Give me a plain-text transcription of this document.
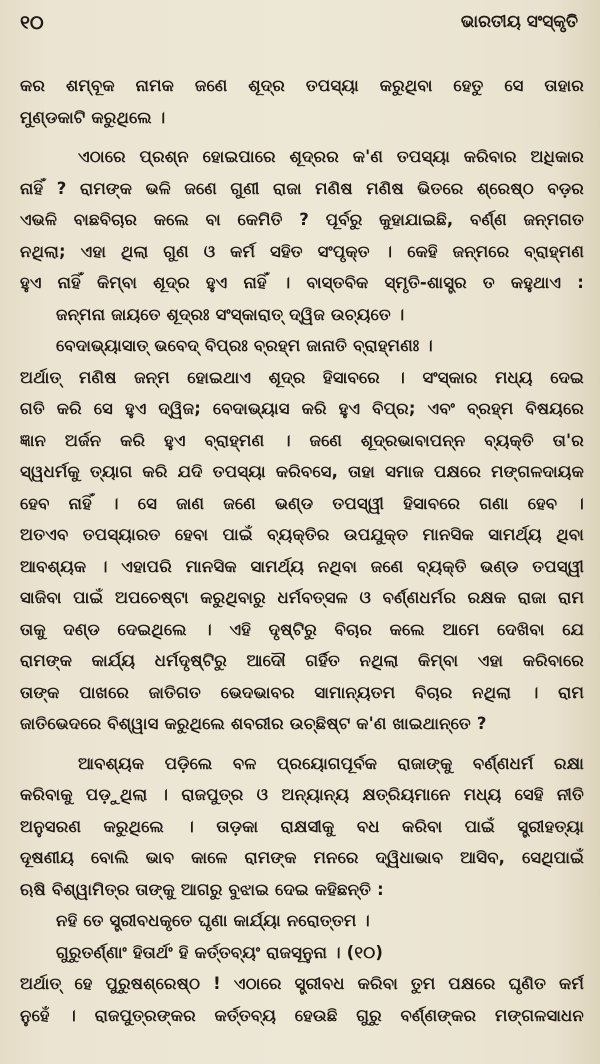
୧୦	ଭାରତୀୟ ସଂସ୍କୃତି
କର ଶମ୍ବୂକ ନାମକ ଜଣେ ଶୂଦ୍ର ତପସ୍ୟା କରୁଥିବା ହେତୁ ସେ ତାହାର
ମୁଣ୍ଡକାଟି କରୁଥିଲେ ।
ଏଠାରେ ପ୍ରଶ୍ନ ହୋଇପାରେ ଶୂଦ୍ରର କ'ଣ ତପସ୍ୟା କରିବାର ଅଧିକାର
ନାହିଁ ? ରାମଙ୍କ ଭଳି ଜଣେ ଗୁଣୀ ରାଜା ମଣିଷ ମଣିଷ ଭିତରେ ଶ୍ରେଷ୍ଠ ବଡ଼ର
ଏଭଳି ବାଛବିଚାର କଲେ ବା କେମିତି ? ପୂର୍ବରୁ କୁହାଯାଇଛି, ବର୍ଣ୍ଣ ଜନ୍ମଗତ
ନଥିଲା; ଏହା ଥିଲା ଗୁଣ ଓ କର୍ମ ସହିତ ସଂପୃକ୍ତ । କେହି ଜନ୍ମରେ ବ୍ରାହ୍ମଣ
ହୁଏ ନାହିଁ କିମ୍ବା ଶୂଦ୍ର ହୁଏ ନାହିଁ । ବାସ୍ତବିକ ସ୍ମୃତି-ଶାସ୍ତ୍ର ତ କହୁଥାଏ :
ଜନ୍ମନା ଜାୟତେ ଶୂଦ୍ରଃ ସଂସ୍କାରାତ୍ ଦ୍ୱିଜ ଉଚ୍ୟତେ ।
ବେଦାଭ୍ୟାସାତ୍ ଭବେଦ୍ ବିପ୍ରଃ ବ୍ରହ୍ମ ଜାନାତି ବ୍ରାହ୍ମଣଃ ।
ଅର୍ଥାତ୍ ମଣିଷ ଜନ୍ମ ହୋଇଥାଏ ଶୂଦ୍ର ହିସାବରେ । ସଂସ୍କାର ମଧ୍ୟ ଦେଇ
ଗତି କରି ସେ ହୁଏ ଦ୍ୱିଜ; ବେଦାଭ୍ୟାସ କରି ହୁଏ ବିପ୍ର; ଏବଂ ବ୍ରହ୍ମ ବିଷୟରେ
ଜ୍ଞାନ ଅର୍ଜନ କରି ହୁଏ ବ୍ରାହ୍ମଣ । ଜଣେ ଶୂଦ୍ରଭାବାପନ୍ନ ବ୍ୟକ୍ତି ତା'ର
ସ୍ୱଧର୍ମକୁ ତ୍ୟାଗ କରି ଯଦି ତପସ୍ୟା କରିବସେ, ତାହା ସମାଜ ପକ୍ଷରେ ମଙ୍ଗଳଦାୟକ
ହେବ ନାହିଁ । ସେ ଜାଣ ଜଣେ ଭଣ୍ଡ ତପସ୍ୱୀ ହିସାବରେ ଗଣା ହେବ ।
ଅତଏବ ତପସ୍ୟାରତ ହେବା ପାଇଁ ବ୍ୟକ୍ତିର ଉପଯୁକ୍ତ ମାନସିକ ସାମର୍ଥ୍ୟ ଥିବା
ଆବଶ୍ୟକ । ଏହାପରି ମାନସିକ ସାମର୍ଥ୍ୟ ନଥିବା ଜଣେ ବ୍ୟକ୍ତି ଭଣ୍ଡ ତପସ୍ୱୀ
ସାଜିବା ପାଇଁ ଅପଚେଷ୍ଟା କରୁଥିବାରୁ ଧର୍ମବତ୍ସଳ ଓ ବର୍ଣ୍ଣଧର୍ମର ରକ୍ଷକ ରାଜା ରାମ
ତାକୁ ଦଣ୍ଡ ଦେଇଥିଲେ । ଏହି ଦୃଷ୍ଟିରୁ ବିଚାର କଲେ ଆମେ ଦେଖିବା ଯେ
ରାମଙ୍କ କାର୍ଯ୍ୟ ଧର୍ମଦୃଷ୍ଟିରୁ ଆଦୌ ଗର୍ହିତ ନଥିଲା କିମ୍ବା ଏହା କରିବାରେ
ତାଙ୍କ ପାଖରେ ଜାତିଗତ ଭେଦଭାବର ସାମାନ୍ୟତମ ବିଚାର ନଥିଲା । ରାମ
ଜାତିଭେଦରେ ବିଶ୍ୱାସ କରୁଥିଲେ ଶବରୀର ଉଚ୍ଛିଷ୍ଟ କ'ଣ ଖାଇଥାନ୍ତେ ?
ଆବଶ୍ୟକ ପଡ଼ିଲେ ବଳ ପ୍ରୟୋଗପୂର୍ବକ ରାଜାଙ୍କୁ ବର୍ଣ୍ଣଧର୍ମ ରକ୍ଷା
କରିବାକୁ ପଡ଼ୁଥିଲା । ରାଜପୁତ୍ର ଓ ଅନ୍ୟାନ୍ୟ କ୍ଷତ୍ରିୟମାନେ ମଧ୍ୟ ସେହି ନୀତି
ଅନୁସରଣ କରୁଥିଲେ । ତାଡ଼କା ରାକ୍ଷସୀକୁ ବଧ କରିବା ପାଇଁ ସ୍ତ୍ରୀହତ୍ୟା
ଦୂଷଣୀୟ ବୋଲି ଭାବ କାଳେ ରାମଙ୍କ ମନରେ ଦ୍ୱିଧାଭାବ ଆସିବ, ସେଥିପାଇଁ
ଋଷି ବିଶ୍ୱାମିତ୍ର ତାଙ୍କୁ ଆଗରୁ ବୁଝାଇ ଦେଇ କହିଛନ୍ତି :
ନହି ତେ ସ୍ତ୍ରୀବଧକୃତେ ଘୃଣା କାର୍ଯ୍ୟା ନରୋତ୍ତମ ।
ଗୁରୁତର୍ଣ୍ଣାଂ ହିତାର୍ଥଂ ହି କର୍ତ୍ତବ୍ୟଂ ରାଜସୂନୁନା । (୧୦)
ଅର୍ଥାତ୍ ହେ ପୁରୁଷଶ୍ରେଷ୍ଠ ! ଏଠାରେ ସ୍ତ୍ରୀବଧ କରିବା ତୁମ ପକ୍ଷରେ ଘୃଣିତ କର୍ମ
ନୁହେଁ । ରାଜପୁତ୍ରଙ୍କର କର୍ତ୍ତବ୍ୟ ହେଉଛି ଗୁରୁ ବର୍ଣ୍ଣଙ୍କର ମଙ୍ଗଳସାଧନ
